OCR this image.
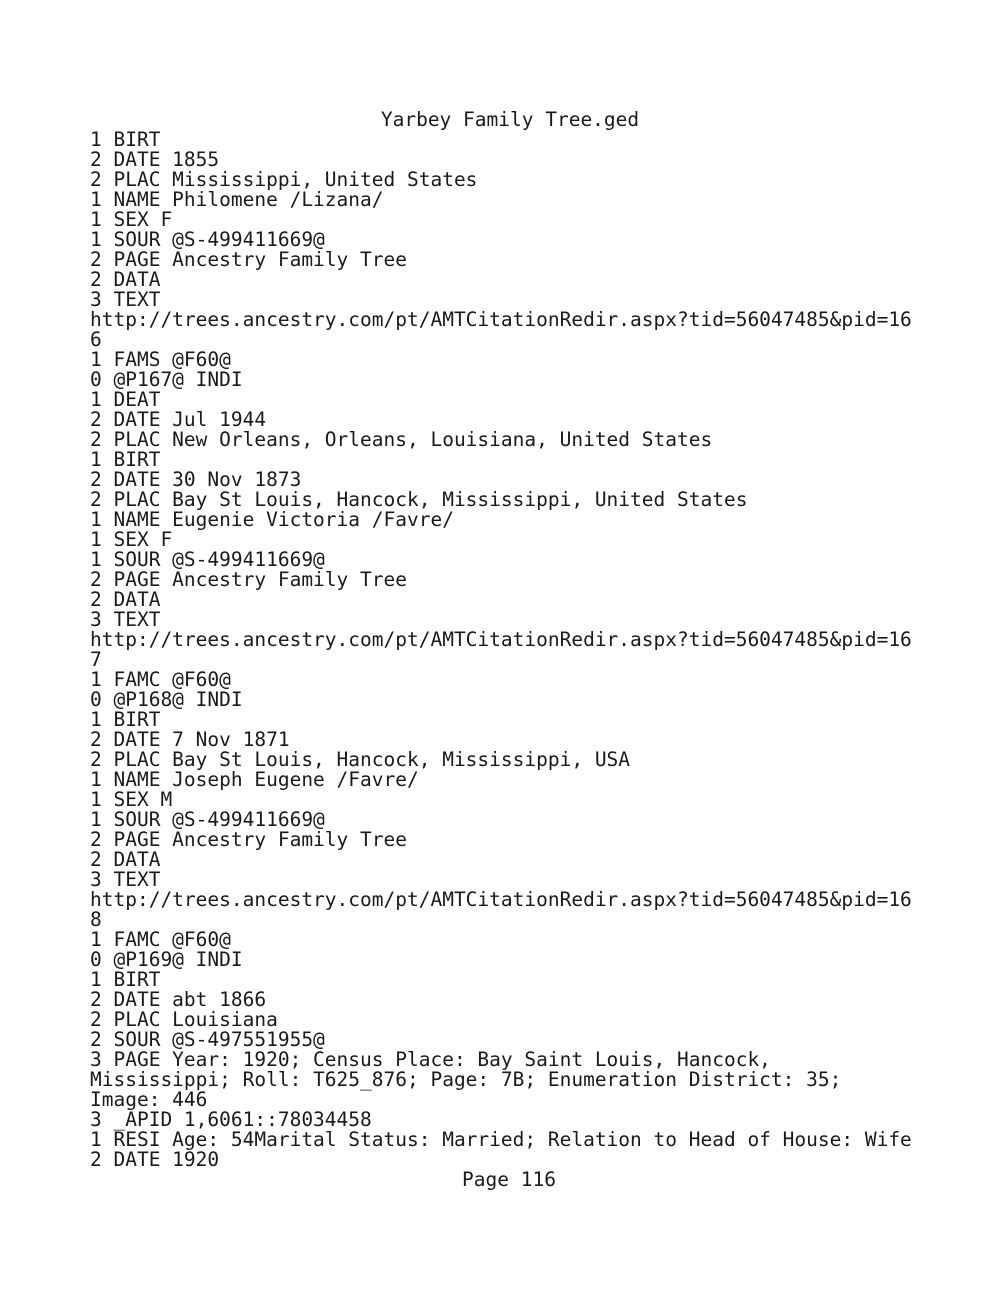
Yarbey Family Tree.ged
1 BIRT
2 DATE 1855
2 PLAC Mississippi, United States
1 NAME Philomene /Lizana/
1 SEX F
1 SOUR @S-499411669@
2 PAGE Ancestry Family Tree
2 DATA
3 TEXT
http://trees.ancestry.com/pt/AMTCitationRedir.aspx?tid=56047485&pid=16
6
1 FAMS @F60@
0 @P167@ INDI
1 DEAT
2 DATE Jul 1944
2 PLAC New Orleans, Orleans, Louisiana, United States
1 BIRT
2 DATE 30 Nov 1873
2 PLAC Bay St Louis, Hancock, Mississippi, United States
1 NAME Eugenie Victoria /Favre/
1 SEX F
1 SOUR @S-499411669@
2 PAGE Ancestry Family Tree
2 DATA
3 TEXT
http://trees.ancestry.com/pt/AMTCitationRedir.aspx?tid=56047485&pid=16
7
1 FAMC @F60@
0 @P168@ INDI
1 BIRT
2 DATE 7 Nov 1871
2 PLAC Bay St Louis, Hancock, Mississippi, USA
1 NAME Joseph Eugene /Favre/
1 SEX M
1 SOUR @S-499411669@
2 PAGE Ancestry Family Tree
2 DATA
3 TEXT
http://trees.ancestry.com/pt/AMTCitationRedir.aspx?tid=56047485&pid=16
8
1 FAMC @F60@
0 @P169@ INDI
1 BIRT
2 DATE abt 1866
2 PLAC Louisiana
2 SOUR @S-497551955@
3 PAGE Year: 1920; Census Place: Bay Saint Louis, Hancock,
Mississippi; Roll: T625_876; Page: 7B; Enumeration District: 35;
Image: 446
3 _APID 1,6061::78034458
1 RESI Age: 54Marital Status: Married; Relation to Head of House: Wife
2 DATE 1920
Page 116
